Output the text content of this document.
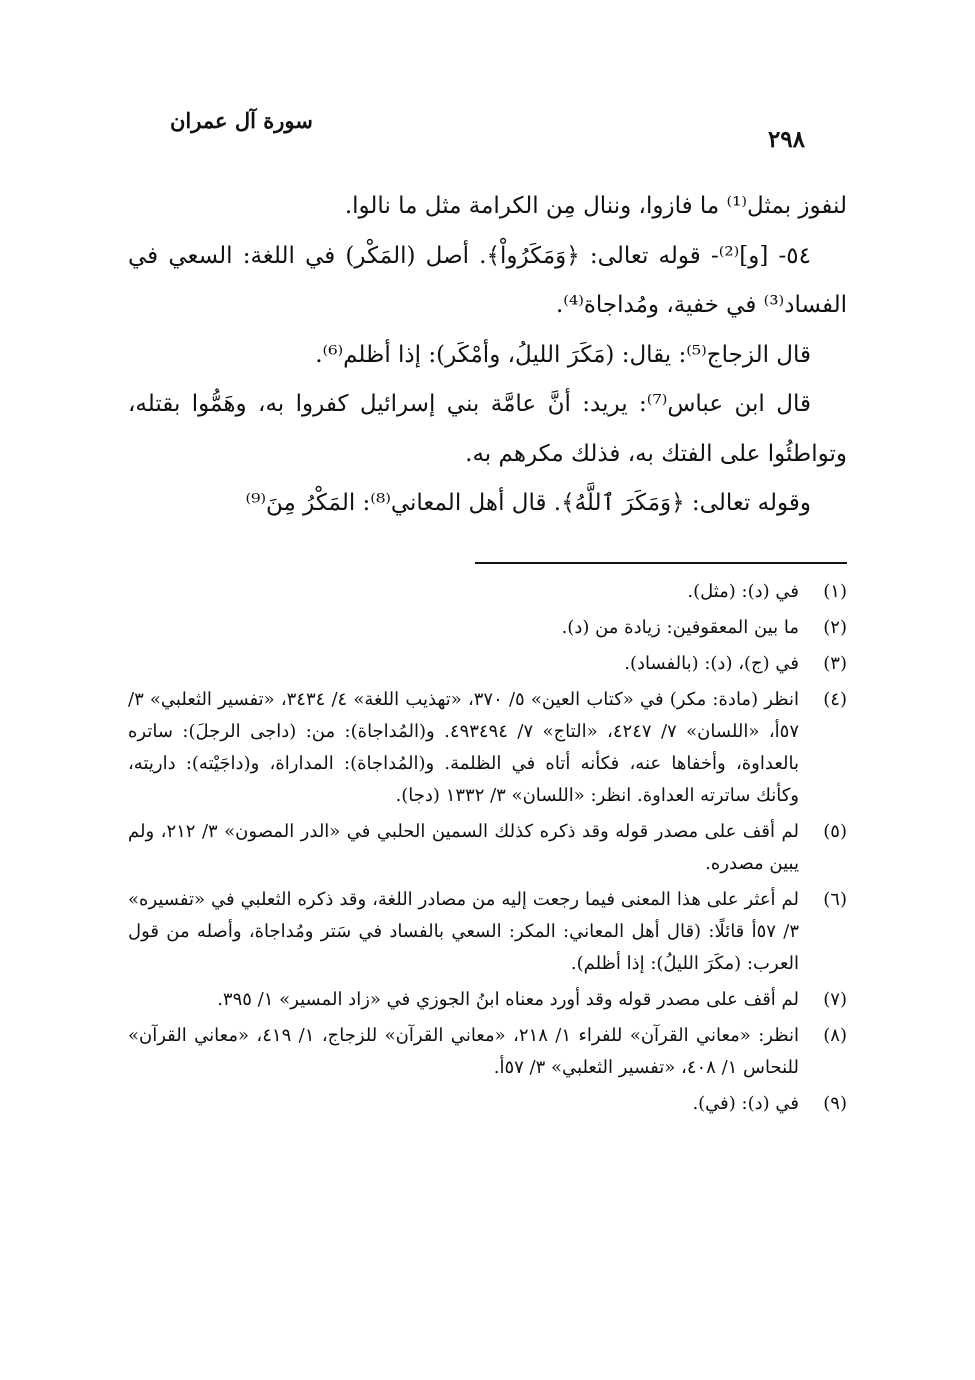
سورة آل عمران
٢٩٨

لنفوز بمثل⁽¹⁾ ما فازوا، وننال مِن الكرامة مثل ما نالوا.

٥٤- [و]⁽²⁾- قوله تعالى: ﴿وَمَكَرُواْ﴾. أصل (المَكْر) في اللغة: السعي في الفساد⁽³⁾ في خفية، ومُداجاة⁽⁴⁾.

قال الزجاج⁽⁵⁾: يقال: (مَكَرَ الليلُ، وأمْكَر): إذا أظلم⁽⁶⁾.

قال ابن عباس⁽⁷⁾: يريد: أنَّ عامَّة بني إسرائيل كفروا به، وهَمُّوا بقتله، وتواطئُوا على الفتك به، فذلك مكرهم به.

وقوله تعالى: ﴿وَمَكَرَ ٱللَّهُ﴾. قال أهل المعاني⁽⁸⁾: المَكْرُ مِنَ⁽⁹⁾

(١)
في (د): (مثل).
(٢)
ما بين المعقوفين: زيادة من (د).
(٣)
في (ج)، (د): (بالفساد).
(٤)
انظر (مادة: مكر) في «كتاب العين» ٥/ ٣٧٠، «تهذيب اللغة» ٤/ ٣٤٣٤، «تفسير الثعلبي» ٣/ ٥٧أ، «اللسان» ٧/ ٤٢٤٧، «التاج» ٧/ ٤٩٣٤٩٤. و(المُداجاة): من: (داجى الرجلَ): ساتره بالعداوة، وأخفاها عنه، فكأنه أتاه في الظلمة. و(المُداجاة): المداراة، و(داجَيْته): داريته، وكأنك ساترته العداوة. انظر: «اللسان» ٣/ ١٣٣٢ (دجا).
(٥)
لم أقف على مصدر قوله وقد ذكره كذلك السمين الحلبي في «الدر المصون» ٣/ ٢١٢، ولم يبين مصدره.
(٦)
لم أعثر على هذا المعنى فيما رجعت إليه من مصادر اللغة، وقد ذكره الثعلبي في «تفسيره» ٣/ ٥٧أ قائلًا: (قال أهل المعاني: المكر: السعي بالفساد في سَتر ومُداجاة، وأصله من قول العرب: (مكَرَ الليلُ): إذا أظلم).
(٧)
لم أقف على مصدر قوله وقد أورد معناه ابنُ الجوزي في «زاد المسير» ١/ ٣٩٥.
(٨)
انظر: «معاني القرآن» للفراء ١/ ٢١٨، «معاني القرآن» للزجاج، ١/ ٤١٩، «معاني القرآن» للنحاس ١/ ٤٠٨، «تفسير الثعلبي» ٣/ ٥٧أ.
(٩)
في (د): (في).
